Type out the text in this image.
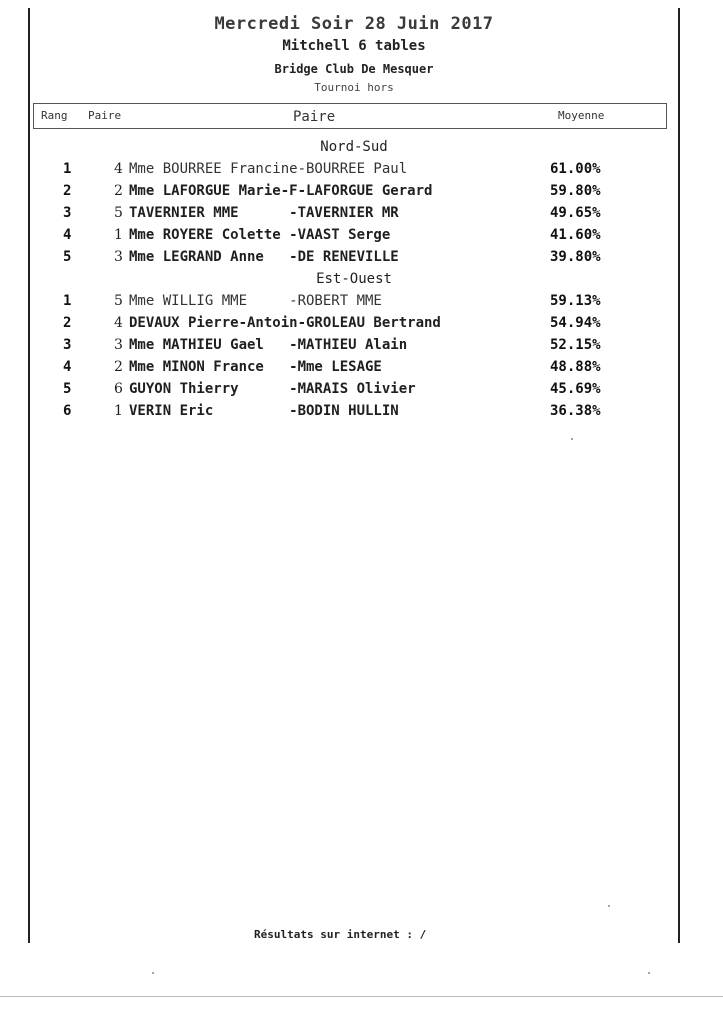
Mercredi Soir 28 Juin 2017
Mitchell 6 tables
Bridge Club De Mesquer
Tournoi hors
Rang Paire	Paire	Moyenne
Nord-Sud
1	4 Mme BOURREE Francine-BOURREE Paul	61.00%
2	2 Mme LAFORGUE Marie-F-LAFORGUE Gerard	59.80%
3	5 TAVERNIER MME      -TAVERNIER MR	49.65%
4	1 Mme ROYERE Colette -VAAST Serge	41.60%
5	3 Mme LEGRAND Anne   -DE RENEVILLE	39.80%
Est-Ouest
1	5 Mme WILLIG MME     -ROBERT MME	59.13%
2	4 DEVAUX Pierre-Antoin-GROLEAU Bertrand	54.94%
3	3 Mme MATHIEU Gael   -MATHIEU Alain	52.15%
4	2 Mme MINON France   -Mme LESAGE	48.88%
5	6 GUYON Thierry      -MARAIS Olivier	45.69%
6	1 VERIN Eric         -BODIN HULLIN	36.38%
Résultats sur internet : /
